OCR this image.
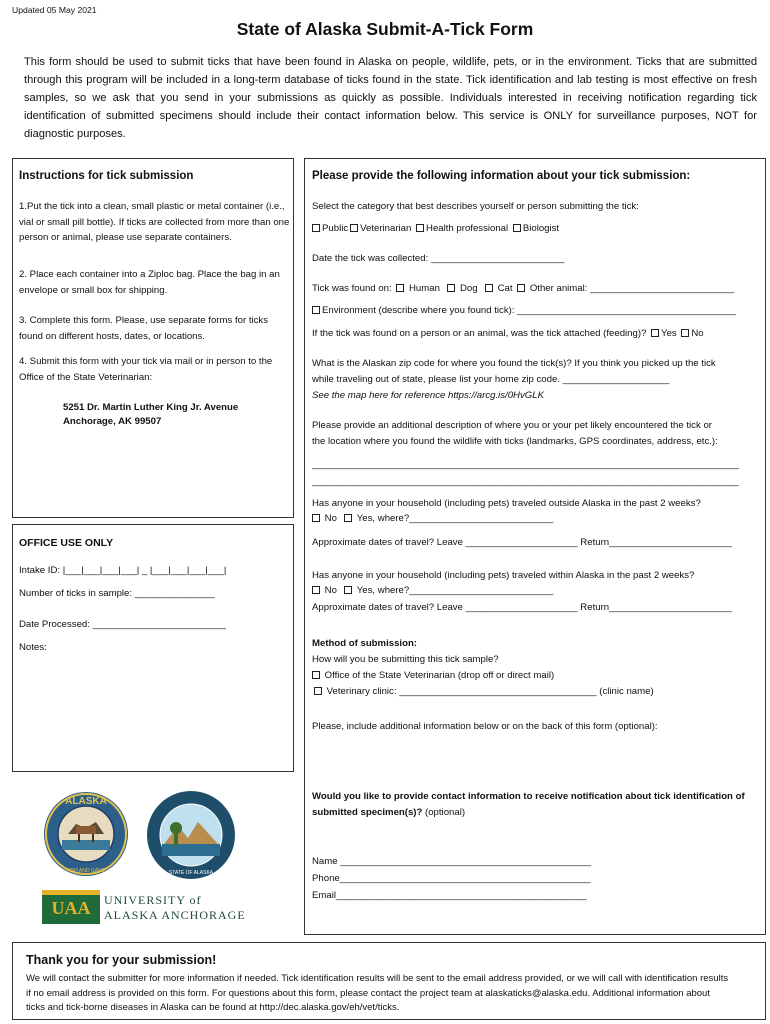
Updated 05 May 2021
State of Alaska Submit-A-Tick Form
This form should be used to submit ticks that have been found in Alaska on people, wildlife, pets, or in the environment. Ticks that are submitted through this program will be included in a long-term database of ticks found in the state. Tick identification and lab testing is most effective on fresh samples, so we ask that you send in your submissions as quickly as possible. Individuals interested in receiving notification regarding tick identification of submitted specimens should include their contact information below. This service is ONLY for surveillance purposes, NOT for diagnostic purposes.
Instructions for tick submission
1.Put the tick into a clean, small plastic or metal container (i.e., vial or small pill bottle). If ticks are collected from more than one person or animal, please use separate containers.
2. Place each container into a Ziploc bag. Place the bag in an envelope or small box for shipping.
3. Complete this form. Please, use separate forms for ticks found on different hosts, dates, or locations.
4. Submit this form with your tick via mail or in person to the Office of the State Veterinarian:
5251 Dr. Martin Luther King Jr. Avenue
Anchorage, AK 99507
OFFICE USE ONLY
Intake ID: |___|___|___|___| _ |___|___|___|___|
Number of ticks in sample: _______________
Date Processed: _________________________
Notes:
ALASKA
FISH AND GAME	STATE OF ALASKA
UAA	UNIVERSITY of
ALASKA ANCHORAGE
Please provide the following information about your tick submission:
Select the category that best describes yourself or person submitting the tick:
Public Veterinarian Health professional Biologist
Date the tick was collected: _________________________
Tick was found on: Human Dog Cat Other animal: ___________________________
Environment (describe where you found tick): _________________________________________
If the tick was found on a person or an animal, was the tick attached (feeding)? Yes No
What is the Alaskan zip code for where you found the tick(s)? If you think you picked up the tick
while traveling out of state, please list your home zip code. ____________________
See the map here for reference https://arcg.is/0HvGLK
Please provide an additional description of where you or your pet likely encountered the tick or
the location where you found the wildlife with ticks (landmarks, GPS coordinates, address, etc.):
________________________________________________________________________________
________________________________________________________________________________
Has anyone in your household (including pets) traveled outside Alaska in the past 2 weeks?
No Yes, where?___________________________
Approximate dates of travel? Leave _____________________ Return_______________________
Has anyone in your household (including pets) traveled within Alaska in the past 2 weeks?
No Yes, where?___________________________
Approximate dates of travel? Leave _____________________ Return_______________________
Method of submission:
How will you be submitting this tick sample?
Office of the State Veterinarian (drop off or direct mail)
Veterinary clinic: _____________________________________ (clinic name)
Please, include additional information below or on the back of this form (optional):
Would you like to provide contact information to receive notification about tick identification of submitted specimen(s)? (optional)
Name _______________________________________________
Phone_______________________________________________
Email_______________________________________________
Thank you for your submission!
We will contact the submitter for more information if needed. Tick identification results will be sent to the email address provided, or we will call with identification results if no email address is provided on this form. For questions about this form, please contact the project team at alaskaticks@alaska.edu. Additional information about ticks and tick-borne diseases in Alaska can be found at http://dec.alaska.gov/eh/vet/ticks.
